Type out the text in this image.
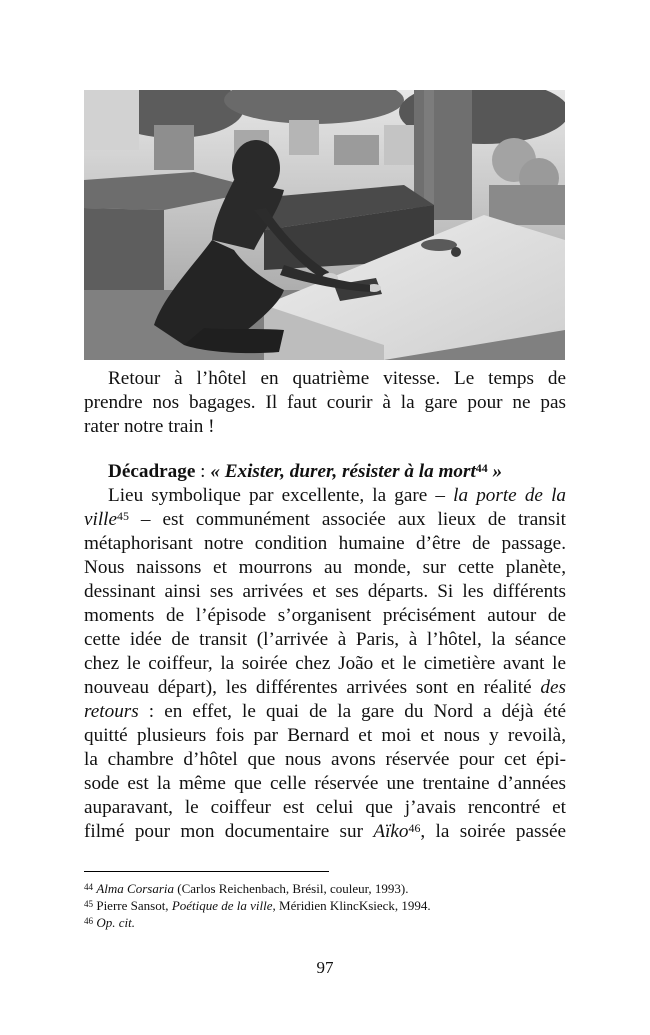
Retour à l’hôtel en quatrième vitesse. Le temps de
prendre nos bagages. Il faut courir à la gare pour ne pas
rater notre train !
Décadrage : « Exister, durer, résister à la mort$^{44}$ »
Lieu symbolique par excellente, la gare – la porte de la
ville$^{45}$ – est communément associée aux lieux de transit
métaphorisant notre condition humaine d’être de passage.
Nous naissons et mourrons au monde, sur cette planète,
dessinant ainsi ses arrivées et ses départs. Si les différents
moments de l’épisode s’organisent précisément autour de
cette idée de transit (l’arrivée à Paris, à l’hôtel, la séance
chez le coiffeur, la soirée chez João et le cimetière avant le
nouveau départ), les différentes arrivées sont en réalité des
retours : en effet, le quai de la gare du Nord a déjà été
quitté plusieurs fois par Bernard et moi et nous y revoilà,
la chambre d’hôtel que nous avons réservée pour cet épi-
sode est la même que celle réservée une trentaine d’années
auparavant, le coiffeur est celui que j’avais rencontré et
filmé pour mon documentaire sur Aïko$^{46}$, la soirée passée
$^{44}$ Alma Corsaria (Carlos Reichenbach, Brésil, couleur, 1993).
$^{45}$ Pierre Sansot, Poétique de la ville, Méridien KlincKsieck, 1994.
$^{46}$ Op. cit.
97
